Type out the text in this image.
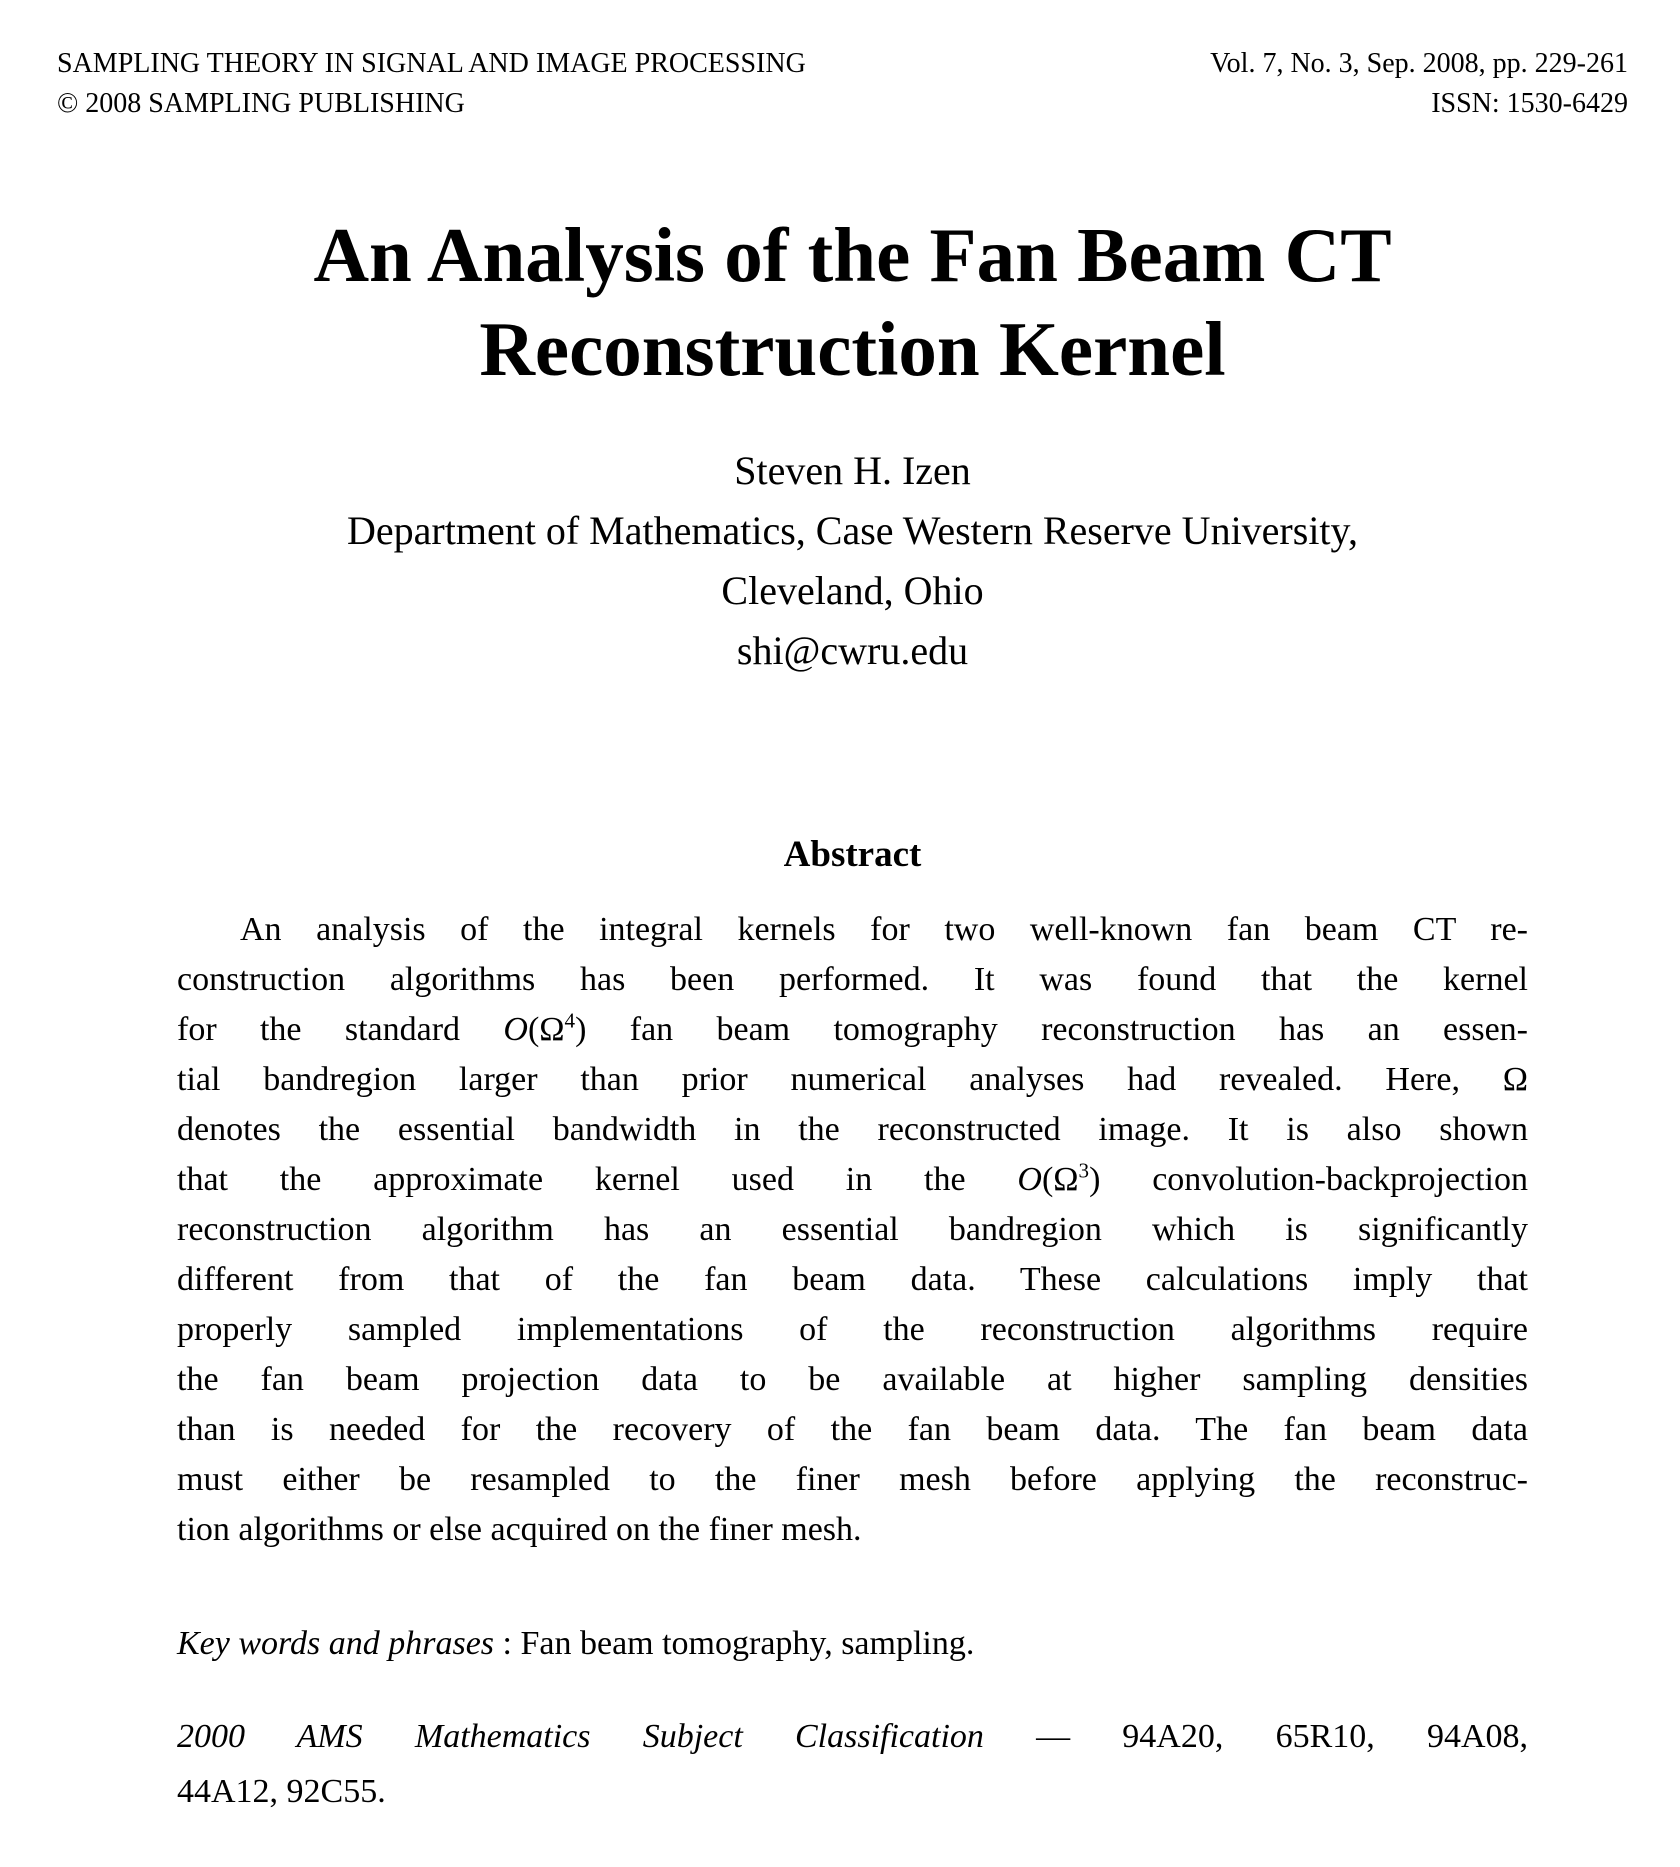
SAMPLING THEORY IN SIGNAL AND IMAGE PROCESSING
© 2008 SAMPLING PUBLISHING
Vol. 7, No. 3, Sep. 2008, pp. 229-261
ISSN: 1530-6429
An Analysis of the Fan Beam CT
Reconstruction Kernel
Steven H. Izen
Department of Mathematics, Case Western Reserve University,
Cleveland, Ohio
shi@cwru.edu
Abstract
An analysis of the integral kernels for two well-known fan beam CT re-
construction algorithms has been performed. It was found that the kernel
for the standard $O(\Omega^4)$ fan beam tomography reconstruction has an essen-
tial bandregion larger than prior numerical analyses had revealed. Here, Ω
denotes the essential bandwidth in the reconstructed image. It is also shown
that the approximate kernel used in the $O(\Omega^3)$ convolution-backprojection
reconstruction algorithm has an essential bandregion which is significantly
different from that of the fan beam data. These calculations imply that
properly sampled implementations of the reconstruction algorithms require
the fan beam projection data to be available at higher sampling densities
than is needed for the recovery of the fan beam data. The fan beam data
must either be resampled to the finer mesh before applying the reconstruc-
tion algorithms or else acquired on the finer mesh.
Key words and phrases : Fan beam tomography, sampling.
2000 AMS Mathematics Subject Classification — 94A20, 65R10, 94A08,
44A12, 92C55.
